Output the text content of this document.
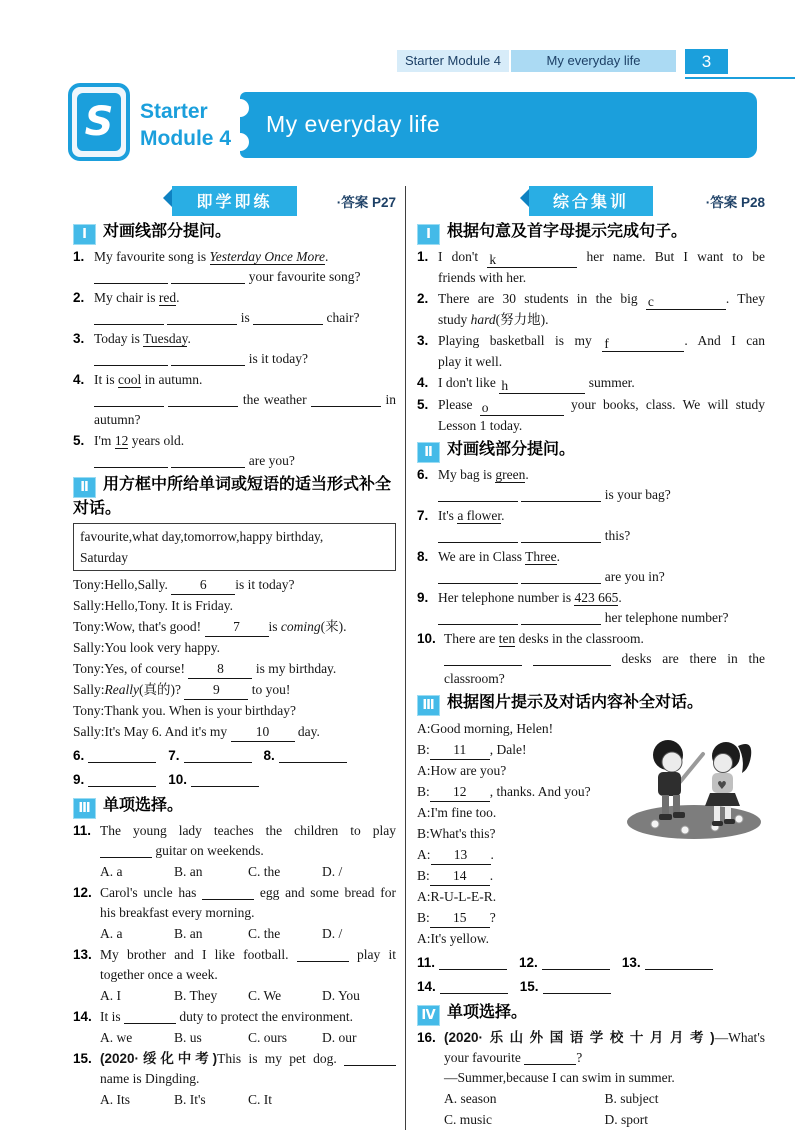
Starter Module 4	My everyday life	3
S Starter
Module 4
My everyday life
即学即练	·答案 P27
Ⅰ 对画线部分提问。
1. My favourite song is Yesterday Once More.
your favourite song?
2. My chair is red.
is	chair?
3. Today is Tuesday.
is it today?
4. It is cool in autumn.
the weather	in
autumn?
5. I'm 12 years old.
are you?
Ⅱ 用方框中所给单词或短语的适当形式补全对话。
favourite,what day,tomorrow,happy birthday,
Saturday
Tony:Hello,Sally. 6 is it today?
Sally:Hello,Tony. It is Friday.
Tony:Wow, that's good! 7 is coming(来).
Sally:You look very happy.
Tony:Yes, of course! 8 is my birthday.
Sally:Really(真的)? 9 to you!
Tony:Thank you. When is your birthday?
Sally:It's May 6. And it's my 10 day.
6.	7.	8.
9.	10.
Ⅲ 单项选择。
11. The young lady teaches the children to play
guitar on weekends.
A. a	B. an	C. the	D. /
12. Carol's uncle has	egg and some bread for
his breakfast every morning.
A. a	B. an	C. the	D. /
13. My brother and I like football.	play it
together once a week.
A. I	B. They	C. We	D. You
14. It is	duty to protect the environment.
A. we	B. us	C. ours	D. our
15. (2020·绥化中考)This is my pet dog.
name is Dingding.
A. Its	B. It's	C. It
综合集训	·答案 P28
Ⅰ 根据句意及首字母提示完成句子。
1. I don't k	her name. But I want to be
friends with her.
2. There are 30 students in the big c	. They
study hard(努力地).
3. Playing basketball is my f	. And I can
play it well.
4. I don't like h	summer.
5. Please o	your books, class. We will study
Lesson 1 today.
Ⅱ 对画线部分提问。
6. My bag is green.
is your bag?
7. It's a flower.
this?
8. We are in Class Three.
are you in?
9. Her telephone number is 423 665.
her telephone number?
10. There are ten desks in the classroom.
desks are there in the
classroom?
Ⅲ 根据图片提示及对话内容补全对话。
♥
A:Good morning, Helen!
B: 11 , Dale!
A:How are you?
B: 12 , thanks. And you?
A:I'm fine too.
B:What's this?
A: 13 .
B: 14 .
A:R-U-L-E-R.
B: 15 ?
A:It's yellow.
11.	12.	13.
14.	15.
Ⅳ 单项选择。
16. (2020·乐山外国语学校十月月考)—What's
your favourite	?
—Summer,because I can swim in summer.
A. season	B. subject
C. music	D. sport
